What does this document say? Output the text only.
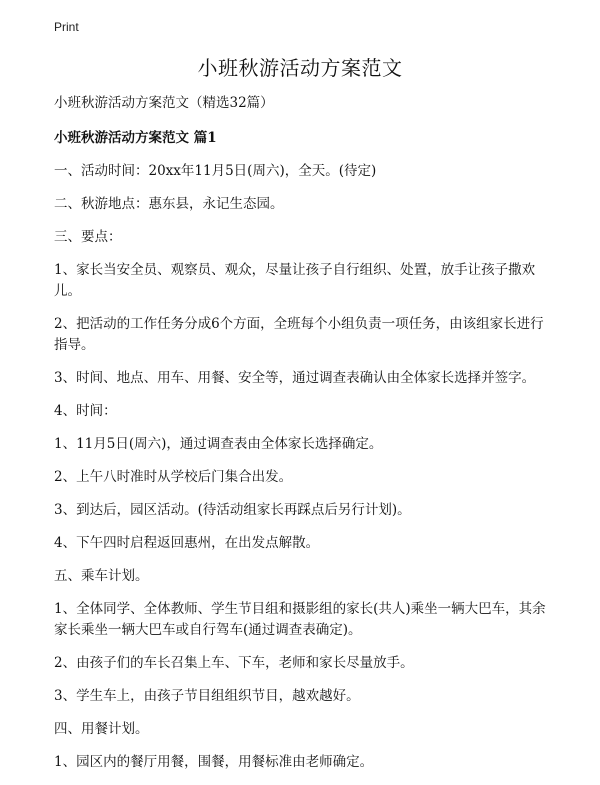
Print
小班秋游活动方案范文
小班秋游活动方案范文（精选32篇）
小班秋游活动方案范文 篇1
一、活动时间：20xx年11月5日(周六)，全天。(待定)
二、秋游地点：惠东县，永记生态园。
三、要点：
1、家长当安全员、观察员、观众，尽量让孩子自行组织、处置，放手让孩子撒欢儿。
2、把活动的工作任务分成6个方面，全班每个小组负责一项任务，由该组家长进行指导。
3、时间、地点、用车、用餐、安全等，通过调查表确认由全体家长选择并签字。
4、时间：
1、11月5日(周六)，通过调查表由全体家长选择确定。
2、上午八时准时从学校后门集合出发。
3、到达后，园区活动。(待活动组家长再踩点后另行计划)。
4、下午四时启程返回惠州，在出发点解散。
五、乘车计划。
1、全体同学、全体教师、学生节目组和摄影组的家长(共人)乘坐一辆大巴车，其余家长乘坐一辆大巴车或自行驾车(通过调查表确定)。
2、由孩子们的车长召集上车、下车，老师和家长尽量放手。
3、学生车上，由孩子节目组组织节目，越欢越好。
四、用餐计划。
1、园区内的餐厅用餐，围餐，用餐标准由老师确定。
